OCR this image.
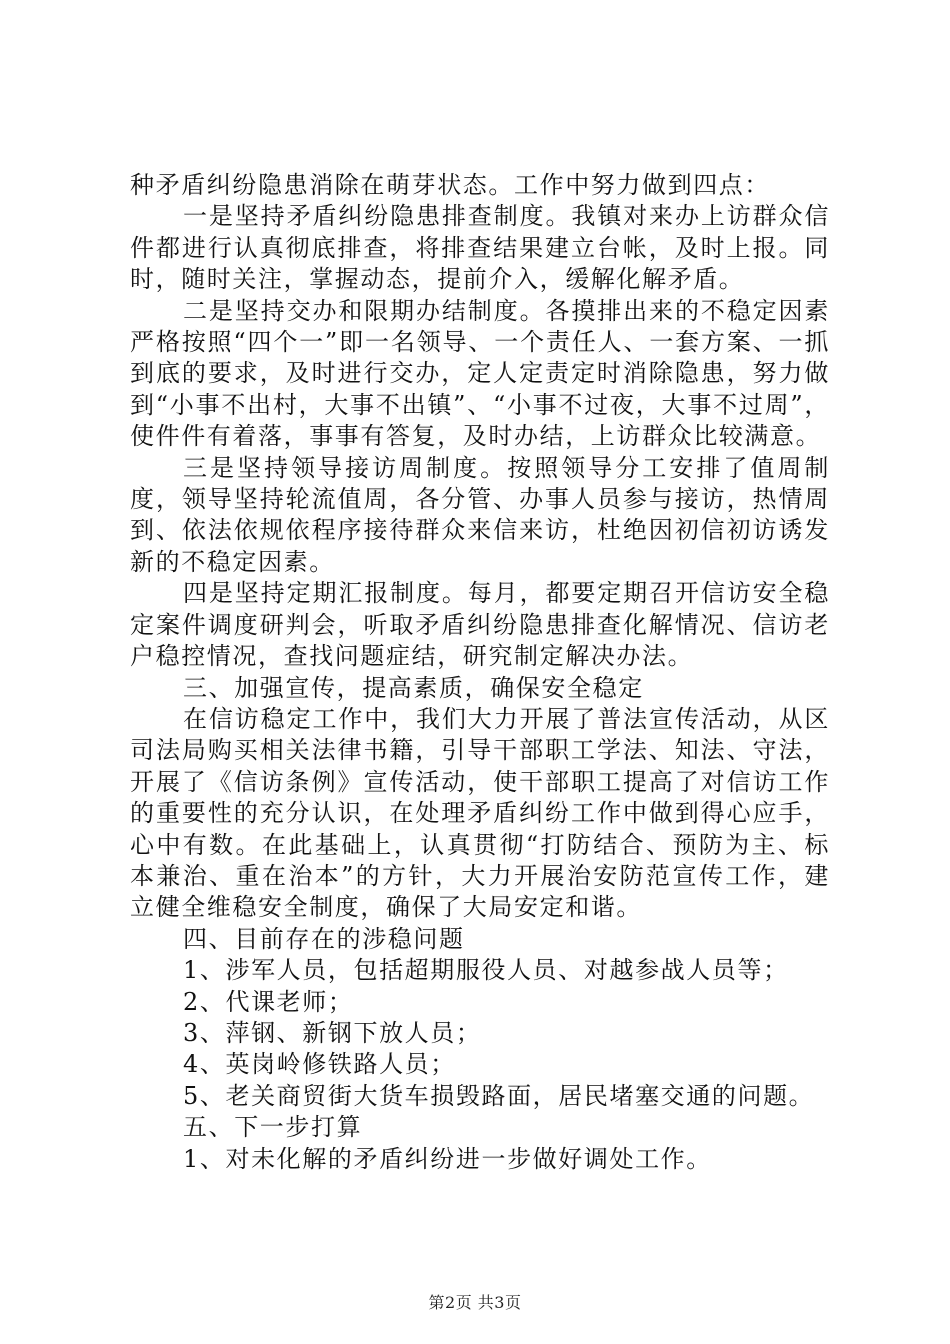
种矛盾纠纷隐患消除在萌芽状态。工作中努力做到四点：

一是坚持矛盾纠纷隐患排查制度。我镇对来办上访群众信件都进行认真彻底排查，将排查结果建立台帐，及时上报。同时，随时关注，掌握动态，提前介入，缓解化解矛盾。

二是坚持交办和限期办结制度。各摸排出来的不稳定因素严格按照“四个一”即一名领导、一个责任人、一套方案、一抓到底的要求，及时进行交办，定人定责定时消除隐患，努力做到“小事不出村，大事不出镇”、“小事不过夜，大事不过周”，使件件有着落，事事有答复，及时办结，上访群众比较满意。

三是坚持领导接访周制度。按照领导分工安排了值周制度，领导坚持轮流值周，各分管、办事人员参与接访，热情周到、依法依规依程序接待群众来信来访，杜绝因初信初访诱发新的不稳定因素。

四是坚持定期汇报制度。每月，都要定期召开信访安全稳定案件调度研判会，听取矛盾纠纷隐患排查化解情况、信访老户稳控情况，查找问题症结，研究制定解决办法。

三、加强宣传，提高素质，确保安全稳定

在信访稳定工作中，我们大力开展了普法宣传活动，从区司法局购买相关法律书籍，引导干部职工学法、知法、守法，开展了《信访条例》宣传活动，使干部职工提高了对信访工作的重要性的充分认识，在处理矛盾纠纷工作中做到得心应手，心中有数。在此基础上，认真贯彻“打防结合、预防为主、标本兼治、重在治本”的方针，大力开展治安防范宣传工作，建立健全维稳安全制度，确保了大局安定和谐。

四、目前存在的涉稳问题

1、涉军人员，包括超期服役人员、对越参战人员等；

2、代课老师；

3、萍钢、新钢下放人员；

4、英岗岭修铁路人员；

5、老关商贸街大货车损毁路面，居民堵塞交通的问题。

五、下一步打算

1、对未化解的矛盾纠纷进一步做好调处工作。

第2页 共3页
